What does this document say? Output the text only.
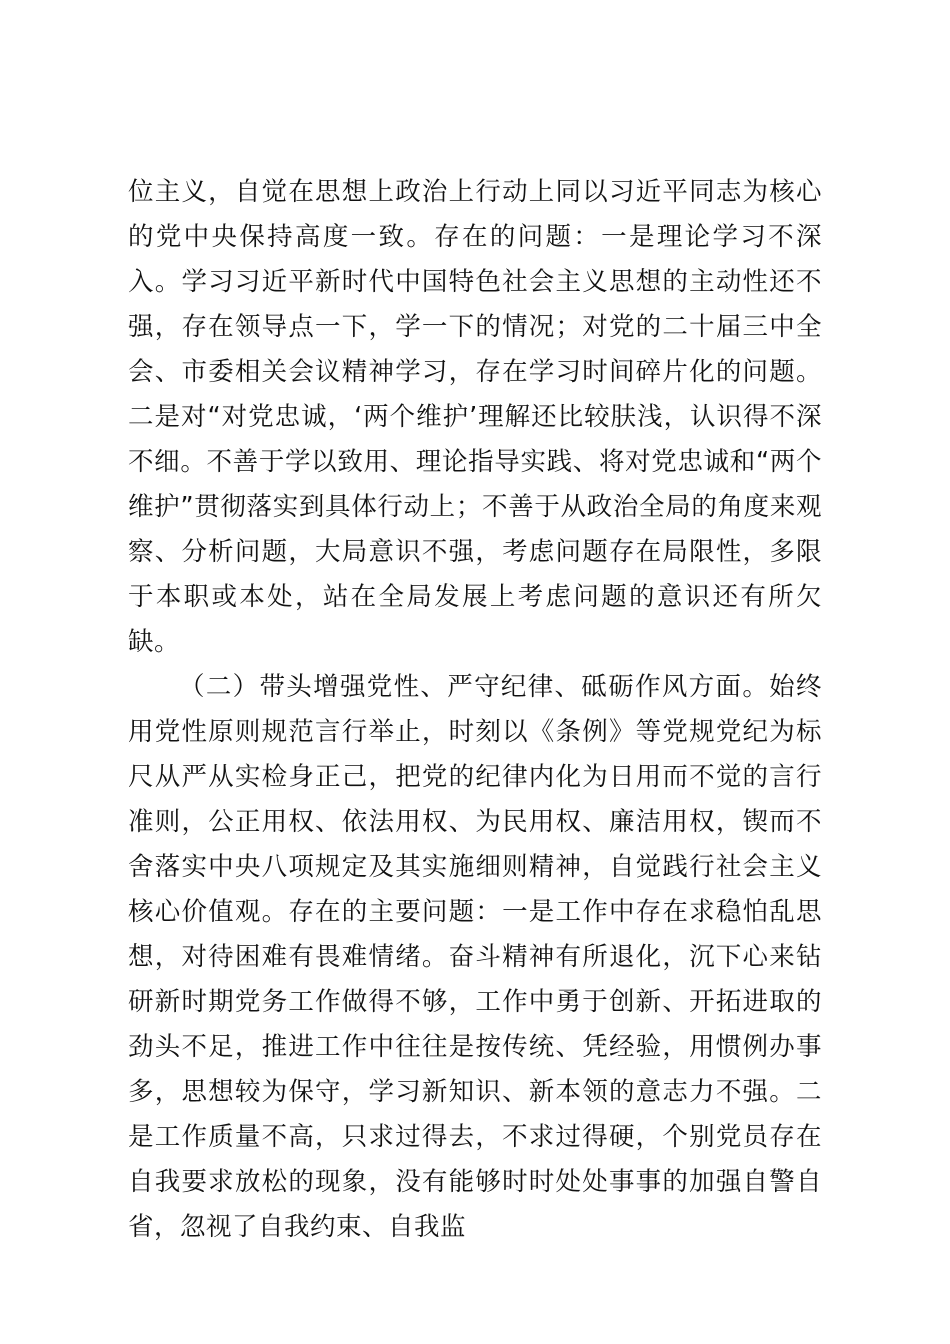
位主义，自觉在思想上政治上行动上同以习近平同志为核心的党中央保持高度一致。存在的问题：一是理论学习不深入。学习习近平新时代中国特色社会主义思想的主动性还不强，存在领导点一下，学一下的情况；对党的二十届三中全会、市委相关会议精神学习，存在学习时间碎片化的问题。二是对“对党忠诚，‘两个维护’理解还比较肤浅，认识得不深不细。不善于学以致用、理论指导实践、将对党忠诚和“两个维护”贯彻落实到具体行动上；不善于从政治全局的角度来观察、分析问题，大局意识不强，考虑问题存在局限性，多限于本职或本处，站在全局发展上考虑问题的意识还有所欠缺。

（二）带头增强党性、严守纪律、砥砺作风方面。始终用党性原则规范言行举止，时刻以《条例》等党规党纪为标尺从严从实检身正己，把党的纪律内化为日用而不觉的言行准则，公正用权、依法用权、为民用权、廉洁用权，锲而不舍落实中央八项规定及其实施细则精神，自觉践行社会主义核心价值观。存在的主要问题：一是工作中存在求稳怕乱思想，对待困难有畏难情绪。奋斗精神有所退化，沉下心来钻研新时期党务工作做得不够，工作中勇于创新、开拓进取的劲头不足，推进工作中往往是按传统、凭经验，用惯例办事多，思想较为保守，学习新知识、新本领的意志力不强。二是工作质量不高，只求过得去，不求过得硬，个别党员存在自我要求放松的现象，没有能够时时处处事事的加强自警自省，忽视了自我约束、自我监
